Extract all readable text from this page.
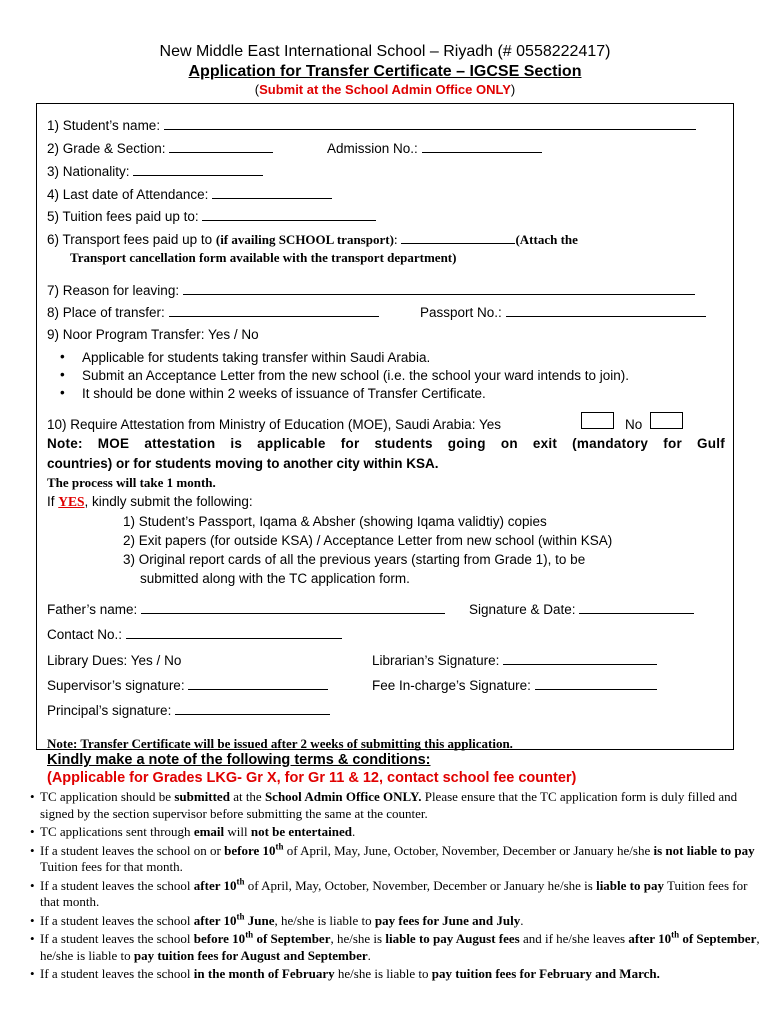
New Middle East International School – Riyadh (# 0558222417)
Application for Transfer Certificate – IGCSE Section
(Submit at the School Admin Office ONLY)
1) Student’s name:
2) Grade & Section:	Admission No.:
3) Nationality:
4) Last date of Attendance:
5) Tuition fees paid up to:
6) Transport fees paid up to (if availing SCHOOL transport):	(Attach the
Transport cancellation form available with the transport department)
7) Reason for leaving:
8) Place of transfer:	Passport No.:
9) Noor Program Transfer: Yes / No
• Applicable for students taking transfer within Saudi Arabia.
• Submit an Acceptance Letter from the new school (i.e. the school your ward intends to join).
• It should be done within 2 weeks of issuance of Transfer Certificate.
10) Require Attestation from Ministry of Education (MOE), Saudi Arabia: Yes	No
Note: MOE attestation is applicable for students going on exit (mandatory for Gulf
countries) or for students moving to another city within KSA.
The process will take 1 month.
If YES, kindly submit the following:
1) Student’s Passport, Iqama & Absher (showing Iqama validtiy) copies
2) Exit papers (for outside KSA) / Acceptance Letter from new school (within KSA)
3) Original report cards of all the previous years (starting from Grade 1), to be
submitted along with the TC application form.
Father’s name:	Signature & Date:
Contact No.:
Library Dues: Yes / No	Librarian’s Signature:
Supervisor’s signature:	Fee In-charge’s Signature:
Principal’s signature:
Note: Transfer Certificate will be issued after 2 weeks of submitting this application.
Kindly make a note of the following terms & conditions:
(Applicable for Grades LKG- Gr X, for Gr 11 & 12, contact school fee counter)
• TC application should be submitted at the School Admin Office ONLY. Please ensure that the TC application form is duly filled and signed by the section supervisor before submitting the same at the counter.
• TC applications sent through email will not be entertained.
• If a student leaves the school on or before 10th of April, May, June, October, November, December or January he/she is not liable to pay Tuition fees for that month.
• If a student leaves the school after 10th of April, May, October, November, December or January he/she is liable to pay Tuition fees for that month.
• If a student leaves the school after 10th June, he/she is liable to pay fees for June and July.
• If a student leaves the school before 10th of September, he/she is liable to pay August fees and if he/she leaves after 10th of September, he/she is liable to pay tuition fees for August and September.
• If a student leaves the school in the month of February he/she is liable to pay tuition fees for February and March.
